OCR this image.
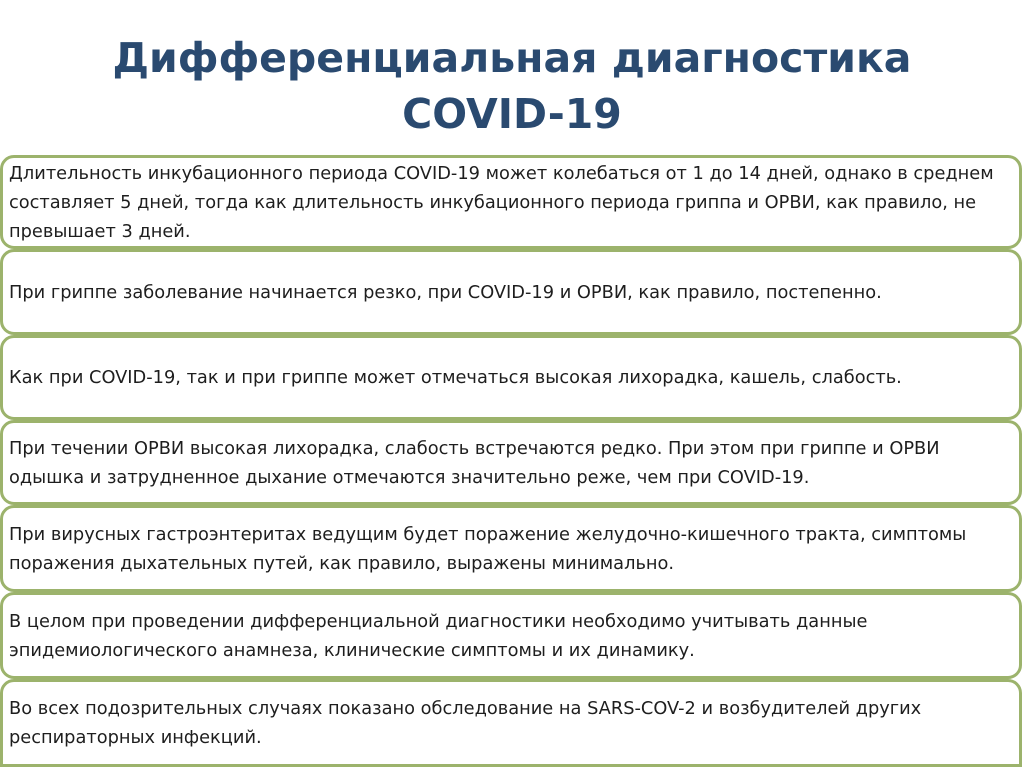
Дифференциальная диагностика
COVID-19

Длительность инкубационного периода COVID-19 может колебаться от 1 до 14 дней, однако в среднем составляет 5 дней, тогда как длительность инкубационного периода гриппа и ОРВИ, как правило, не превышает 3 дней.

При гриппе заболевание начинается резко, при COVID-19 и ОРВИ, как правило, постепенно.

Как при COVID-19, так и при гриппе может отмечаться высокая лихорадка, кашель, слабость.

При течении ОРВИ высокая лихорадка, слабость встречаются редко. При этом при гриппе и ОРВИ одышка и затрудненное дыхание отмечаются значительно реже, чем при COVID-19.

При вирусных гастроэнтеритах ведущим будет поражение желудочно-кишечного тракта, симптомы поражения дыхательных путей, как правило, выражены минимально.

В целом при проведении дифференциальной диагностики необходимо учитывать данные эпидемиологического анамнеза, клинические симптомы и их динамику.

Во всех подозрительных случаях показано обследование на SARS-COV-2 и возбудителей других респираторных инфекций.
